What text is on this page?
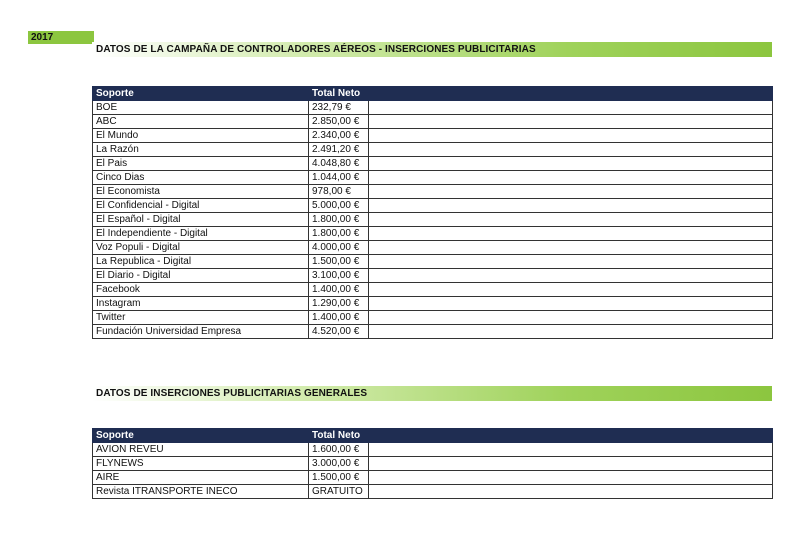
2017
DATOS DE LA CAMPAÑA DE CONTROLADORES AÉREOS - INSERCIONES PUBLICITARIAS
Soporte	Total Neto	
BOE	232,79 €	
ABC	2.850,00 €	
El Mundo	2.340,00 €	
La Razón	2.491,20 €	
El Pais	4.048,80 €	
Cinco Dias	1.044,00 €	
El Economista	978,00 €	
El Confidencial - Digital	5.000,00 €	
El Español - Digital	1.800,00 €	
El Independiente - Digital	1.800,00 €	
Voz Populi - Digital	4.000,00 €	
La Republica - Digital	1.500,00 €	
El Diario - Digital	3.100,00 €	
Facebook	1.400,00 €	
Instagram	1.290,00 €	
Twitter	1.400,00 €	
Fundación Universidad Empresa	4.520,00 €	
DATOS DE INSERCIONES PUBLICITARIAS GENERALES
Soporte	Total Neto	
AVION REVEU	1.600,00 €	
FLYNEWS	3.000,00 €	
AIRE	1.500,00 €	
Revista ITRANSPORTE INECO	GRATUITO	
